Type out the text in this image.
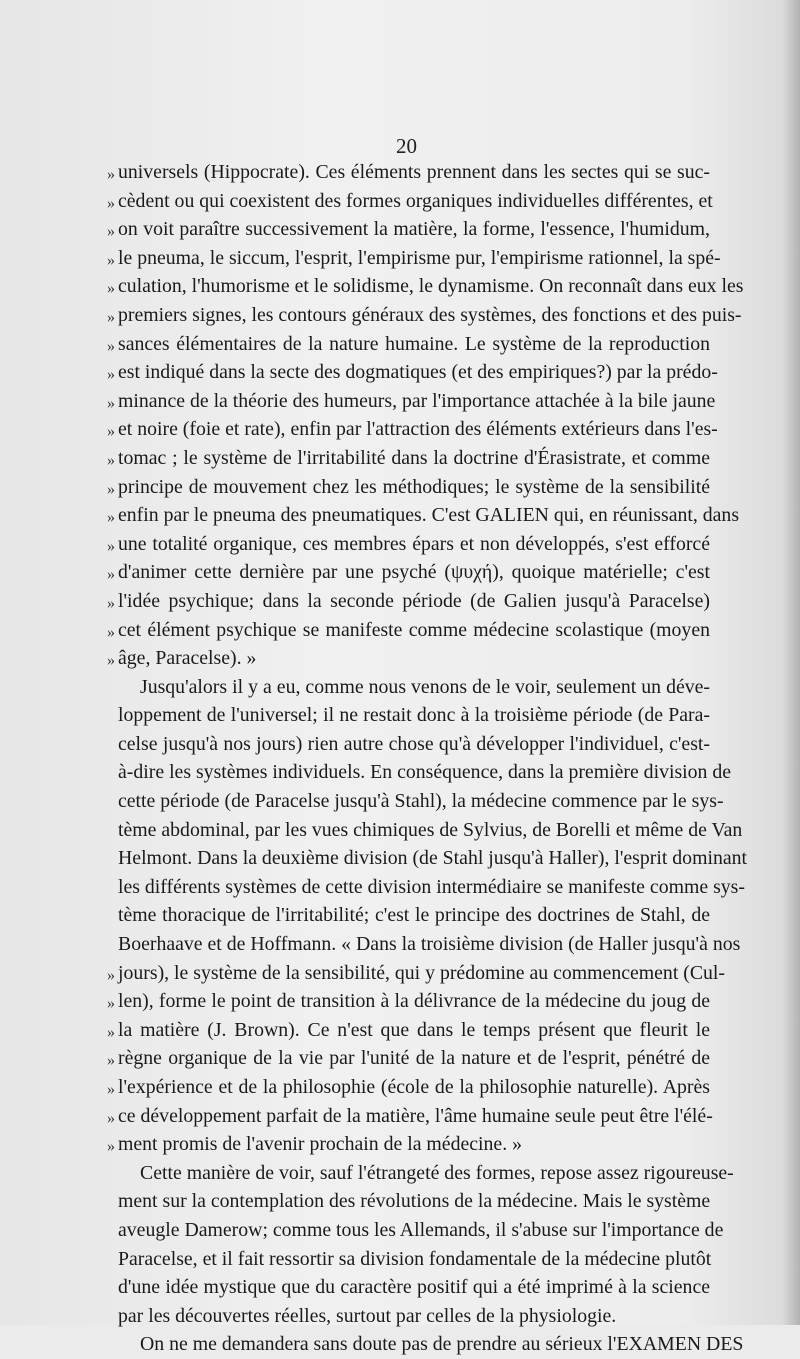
20
» universels (Hippocrate). Ces éléments prennent dans les sectes qui se suc-
» cèdent ou qui coexistent des formes organiques individuelles différentes, et
» on voit paraître successivement la matière, la forme, l'essence, l'humidum,
» le pneuma, le siccum, l'esprit, l'empirisme pur, l'empirisme rationnel, la spé-
» culation, l'humorisme et le solidisme, le dynamisme. On reconnaît dans eux les
» premiers signes, les contours généraux des systèmes, des fonctions et des puis-
» sances élémentaires de la nature humaine. Le système de la reproduction
» est indiqué dans la secte des dogmatiques (et des empiriques?) par la prédo-
» minance de la théorie des humeurs, par l'importance attachée à la bile jaune
» et noire (foie et rate), enfin par l'attraction des éléments extérieurs dans l'es-
» tomac ; le système de l'irritabilité dans la doctrine d'Érasistrate, et comme
» principe de mouvement chez les méthodiques; le système de la sensibilité
» enfin par le pneuma des pneumatiques. C'est GALIEN qui, en réunissant, dans
» une totalité organique, ces membres épars et non développés, s'est efforcé
» d'animer cette dernière par une psyché (ψυχή), quoique matérielle; c'est
» l'idée psychique; dans la seconde période (de Galien jusqu'à Paracelse)
» cet élément psychique se manifeste comme médecine scolastique (moyen
» âge, Paracelse). »
Jusqu'alors il y a eu, comme nous venons de le voir, seulement un déve-
loppement de l'universel; il ne restait donc à la troisième période (de Para-
celse jusqu'à nos jours) rien autre chose qu'à développer l'individuel, c'est-
à-dire les systèmes individuels. En conséquence, dans la première division de
cette période (de Paracelse jusqu'à Stahl), la médecine commence par le sys-
tème abdominal, par les vues chimiques de Sylvius, de Borelli et même de Van
Helmont. Dans la deuxième division (de Stahl jusqu'à Haller), l'esprit dominant
les différents systèmes de cette division intermédiaire se manifeste comme sys-
tème thoracique de l'irritabilité; c'est le principe des doctrines de Stahl, de
Boerhaave et de Hoffmann. « Dans la troisième division (de Haller jusqu'à nos
» jours), le système de la sensibilité, qui y prédomine au commencement (Cul-
» len), forme le point de transition à la délivrance de la médecine du joug de
» la matière (J. Brown). Ce n'est que dans le temps présent que fleurit le
» règne organique de la vie par l'unité de la nature et de l'esprit, pénétré de
» l'expérience et de la philosophie (école de la philosophie naturelle). Après
» ce développement parfait de la matière, l'âme humaine seule peut être l'élé-
» ment promis de l'avenir prochain de la médecine. »
Cette manière de voir, sauf l'étrangeté des formes, repose assez rigoureuse-
ment sur la contemplation des révolutions de la médecine. Mais le système
aveugle Damerow; comme tous les Allemands, il s'abuse sur l'importance de
Paracelse, et il fait ressortir sa division fondamentale de la médecine plutôt
d'une idée mystique que du caractère positif qui a été imprimé à la science
par les découvertes réelles, surtout par celles de la physiologie.
On ne me demandera sans doute pas de prendre au sérieux l'EXAMEN DES
